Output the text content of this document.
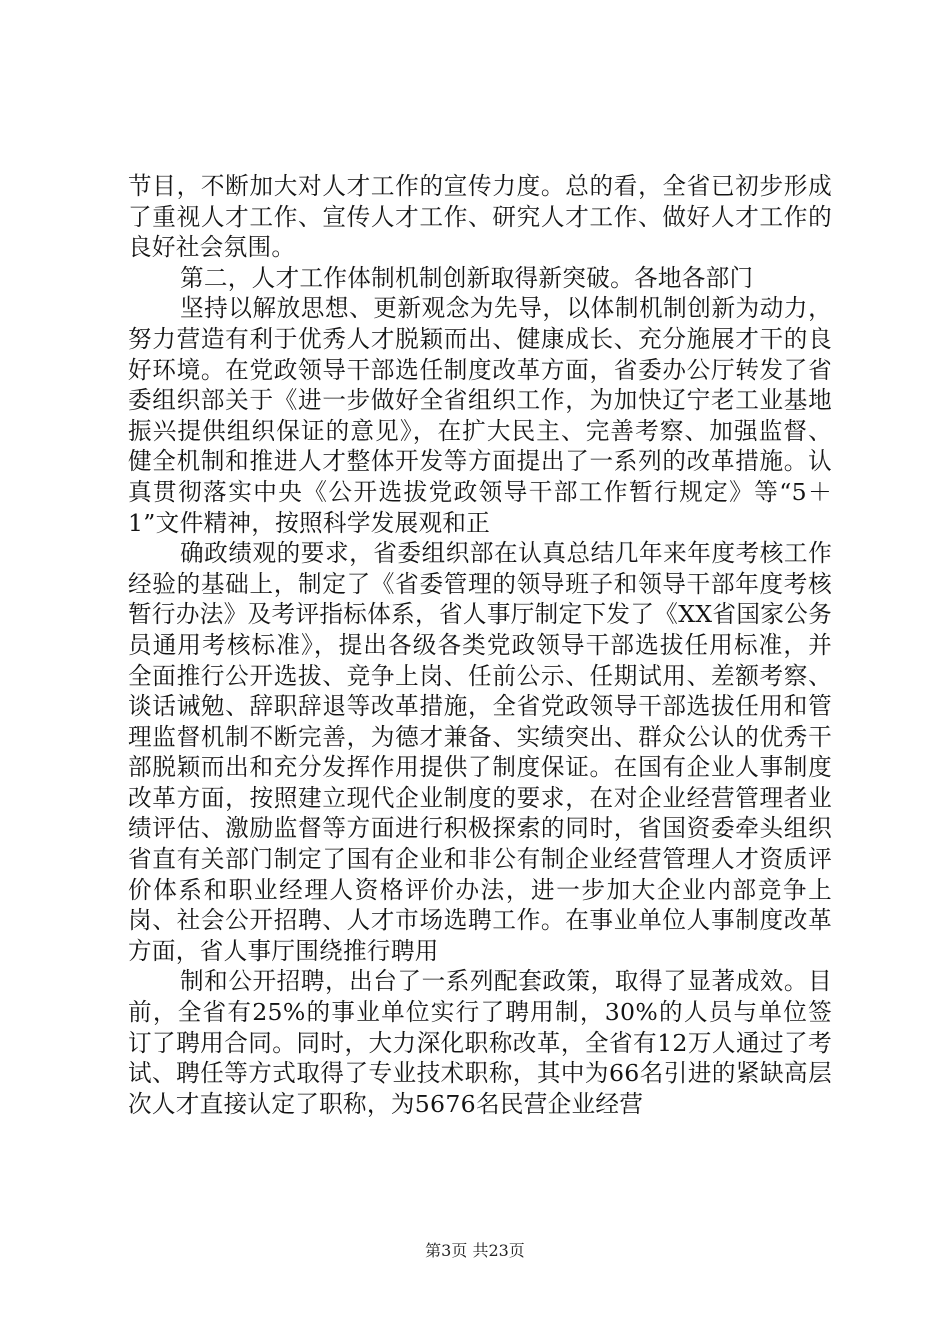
节目，不断加大对人才工作的宣传力度。总的看，全省已初步形成了重视人才工作、宣传人才工作、研究人才工作、做好人才工作的良好社会氛围。

第二，人才工作体制机制创新取得新突破。各地各部门

坚持以解放思想、更新观念为先导，以体制机制创新为动力，努力营造有利于优秀人才脱颖而出、健康成长、充分施展才干的良好环境。在党政领导干部选任制度改革方面，省委办公厅转发了省委组织部关于《进一步做好全省组织工作，为加快辽宁老工业基地振兴提供组织保证的意见》，在扩大民主、完善考察、加强监督、健全机制和推进人才整体开发等方面提出了一系列的改革措施。认真贯彻落实中央《公开选拔党政领导干部工作暂行规定》等“5＋1”文件精神，按照科学发展观和正

确政绩观的要求，省委组织部在认真总结几年来年度考核工作经验的基础上，制定了《省委管理的领导班子和领导干部年度考核暂行办法》及考评指标体系，省人事厅制定下发了《XX省国家公务员通用考核标准》，提出各级各类党政领导干部选拔任用标准，并全面推行公开选拔、竞争上岗、任前公示、任期试用、差额考察、谈话诫勉、辞职辞退等改革措施，全省党政领导干部选拔任用和管理监督机制不断完善，为德才兼备、实绩突出、群众公认的优秀干部脱颖而出和充分发挥作用提供了制度保证。在国有企业人事制度改革方面，按照建立现代企业制度的要求，在对企业经营管理者业绩评估、激励监督等方面进行积极探索的同时，省国资委牵头组织省直有关部门制定了国有企业和非公有制企业经营管理人才资质评价体系和职业经理人资格评价办法，进一步加大企业内部竞争上岗、社会公开招聘、人才市场选聘工作。在事业单位人事制度改革方面，省人事厅围绕推行聘用

制和公开招聘，出台了一系列配套政策，取得了显著成效。目前，全省有25%的事业单位实行了聘用制，30%的人员与单位签订了聘用合同。同时，大力深化职称改革，全省有12万人通过了考试、聘任等方式取得了专业技术职称，其中为66名引进的紧缺高层次人才直接认定了职称，为5676名民营企业经营

第3页 共23页
